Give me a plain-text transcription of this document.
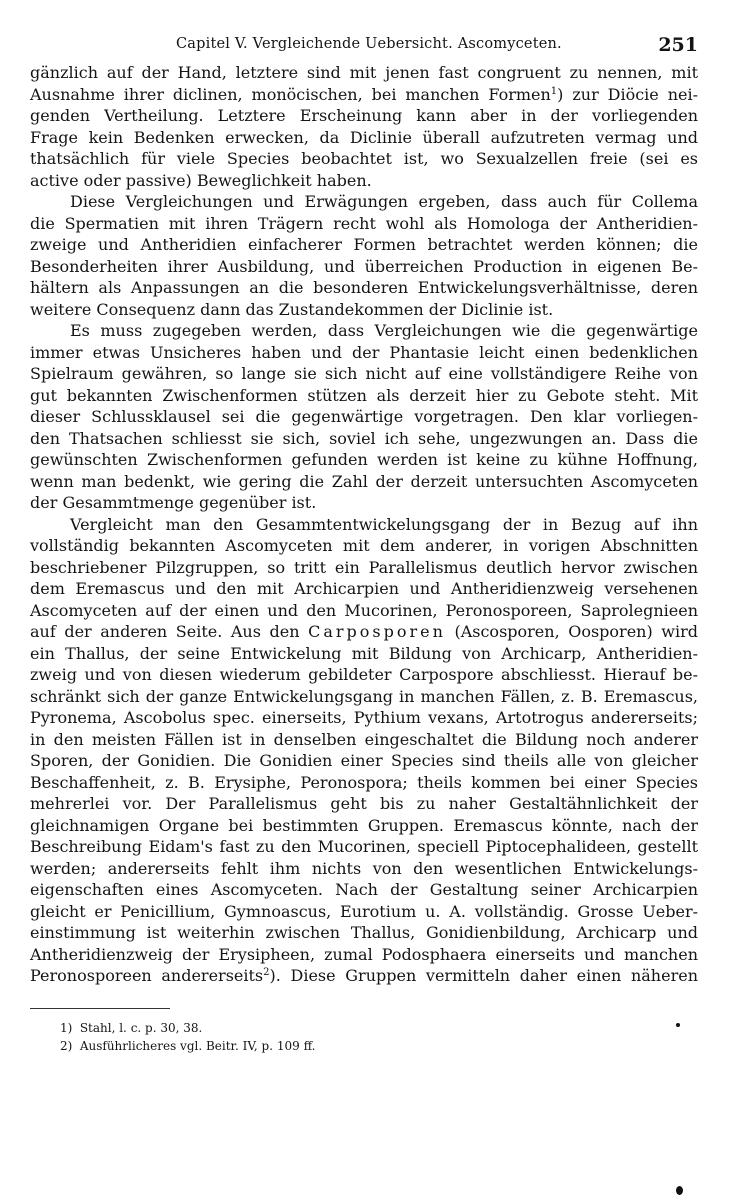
Capitel V. Vergleichende Uebersicht. Ascomyceten.	251
gänzlich auf der Hand, letztere sind mit jenen fast congruent zu nennen, mit
Ausnahme ihrer diclinen, monöcischen, bei manchen Formen$^1$) zur Diöcie nei-
genden Vertheilung. Letztere Erscheinung kann aber in der vorliegenden
Frage kein Bedenken erwecken, da Diclinie überall aufzutreten vermag und
thatsächlich für viele Species beobachtet ist, wo Sexualzellen freie (sei es
active oder passive) Beweglichkeit haben.
Diese Vergleichungen und Erwägungen ergeben, dass auch für Collema
die Spermatien mit ihren Trägern recht wohl als Homologa der Antheridien-
zweige und Antheridien einfacherer Formen betrachtet werden können; die
Besonderheiten ihrer Ausbildung, und überreichen Production in eigenen Be-
hältern als Anpassungen an die besonderen Entwickelungsverhältnisse, deren
weitere Consequenz dann das Zustandekommen der Diclinie ist.
Es muss zugegeben werden, dass Vergleichungen wie die gegenwärtige
immer etwas Unsicheres haben und der Phantasie leicht einen bedenklichen
Spielraum gewähren, so lange sie sich nicht auf eine vollständigere Reihe von
gut bekannten Zwischenformen stützen als derzeit hier zu Gebote steht. Mit
dieser Schlussklausel sei die gegenwärtige vorgetragen. Den klar vorliegen-
den Thatsachen schliesst sie sich, soviel ich sehe, ungezwungen an. Dass die
gewünschten Zwischenformen gefunden werden ist keine zu kühne Hoffnung,
wenn man bedenkt, wie gering die Zahl der derzeit untersuchten Ascomyceten
der Gesammtmenge gegenüber ist.
Vergleicht man den Gesammtentwickelungsgang der in Bezug auf ihn
vollständig bekannten Ascomyceten mit dem anderer, in vorigen Abschnitten
beschriebener Pilzgruppen, so tritt ein Parallelismus deutlich hervor zwischen
dem Eremascus und den mit Archicarpien und Antheridienzweig versehenen
Ascomyceten auf der einen und den Mucorinen, Peronosporeen, Saprolegnieen
auf der anderen Seite. Aus den Carposporen (Ascosporen, Oosporen) wird
ein Thallus, der seine Entwickelung mit Bildung von Archicarp, Antheridien-
zweig und von diesen wiederum gebildeter Carpospore abschliesst. Hierauf be-
schränkt sich der ganze Entwickelungsgang in manchen Fällen, z. B. Eremascus,
Pyronema, Ascobolus spec. einerseits, Pythium vexans, Artotrogus andererseits;
in den meisten Fällen ist in denselben eingeschaltet die Bildung noch anderer
Sporen, der Gonidien. Die Gonidien einer Species sind theils alle von gleicher
Beschaffenheit, z. B. Erysiphe, Peronospora; theils kommen bei einer Species
mehrerlei vor. Der Parallelismus geht bis zu naher Gestaltähnlichkeit der
gleichnamigen Organe bei bestimmten Gruppen. Eremascus könnte, nach der
Beschreibung Eidam's fast zu den Mucorinen, speciell Piptocephalideen, gestellt
werden; andererseits fehlt ihm nichts von den wesentlichen Entwickelungs-
eigenschaften eines Ascomyceten. Nach der Gestaltung seiner Archicarpien
gleicht er Penicillium, Gymnoascus, Eurotium u. A. vollständig. Grosse Ueber-
einstimmung ist weiterhin zwischen Thallus, Gonidienbildung, Archicarp und
Antheridienzweig der Erysipheen, zumal Podosphaera einerseits und manchen
Peronosporeen andererseits$^2$). Diese Gruppen vermitteln daher einen näheren
1) Stahl, l. c. p. 30, 38.
2) Ausführlicheres vgl. Beitr. IV, p. 109 ff.
